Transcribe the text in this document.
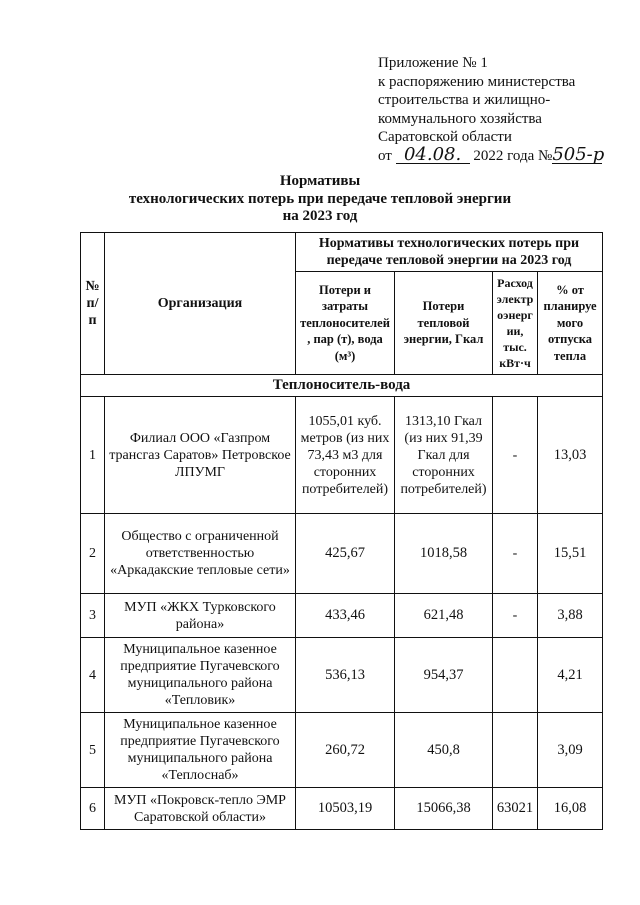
Приложение № 1
к распоряжению министерства
строительства и жилищно-
коммунального хозяйства
Саратовской области
от 04.08. 2022 года №505-р
Нормативы
технологических потерь при передаче тепловой энергии
на 2023 год
№ п/п	Организация	Нормативы технологических потерь при передаче тепловой энергии на 2023 год			
		Потери и затраты теплоносителей, пар (т), вода (м³)	Потери тепловой энергии, Гкал	Расход электроэнергии, тыс. кВт·ч	% от планируемого отпуска тепла
Теплоноситель-вода					
1	Филиал ООО «Газпром трансгаз Саратов» Петровское ЛПУМГ	1055,01 куб. метров (из них 73,43 м3 для сторонних потребителей)	1313,10 Гкал (из них 91,39 Гкал для сторонних потребителей)	-	13,03
2	Общество с ограниченной ответственностью «Аркадакские тепловые сети»	425,67	1018,58	-	15,51
3	МУП «ЖКХ Турковского района»	433,46	621,48	-	3,88
4	Муниципальное казенное предприятие Пугачевского муниципального района «Тепловик»	536,13	954,37		4,21
5	Муниципальное казенное предприятие Пугачевского муниципального района «Теплоснаб»	260,72	450,8		3,09
6	МУП «Покровск-тепло ЭМР Саратовской области»	10503,19	15066,38	63021	16,08
